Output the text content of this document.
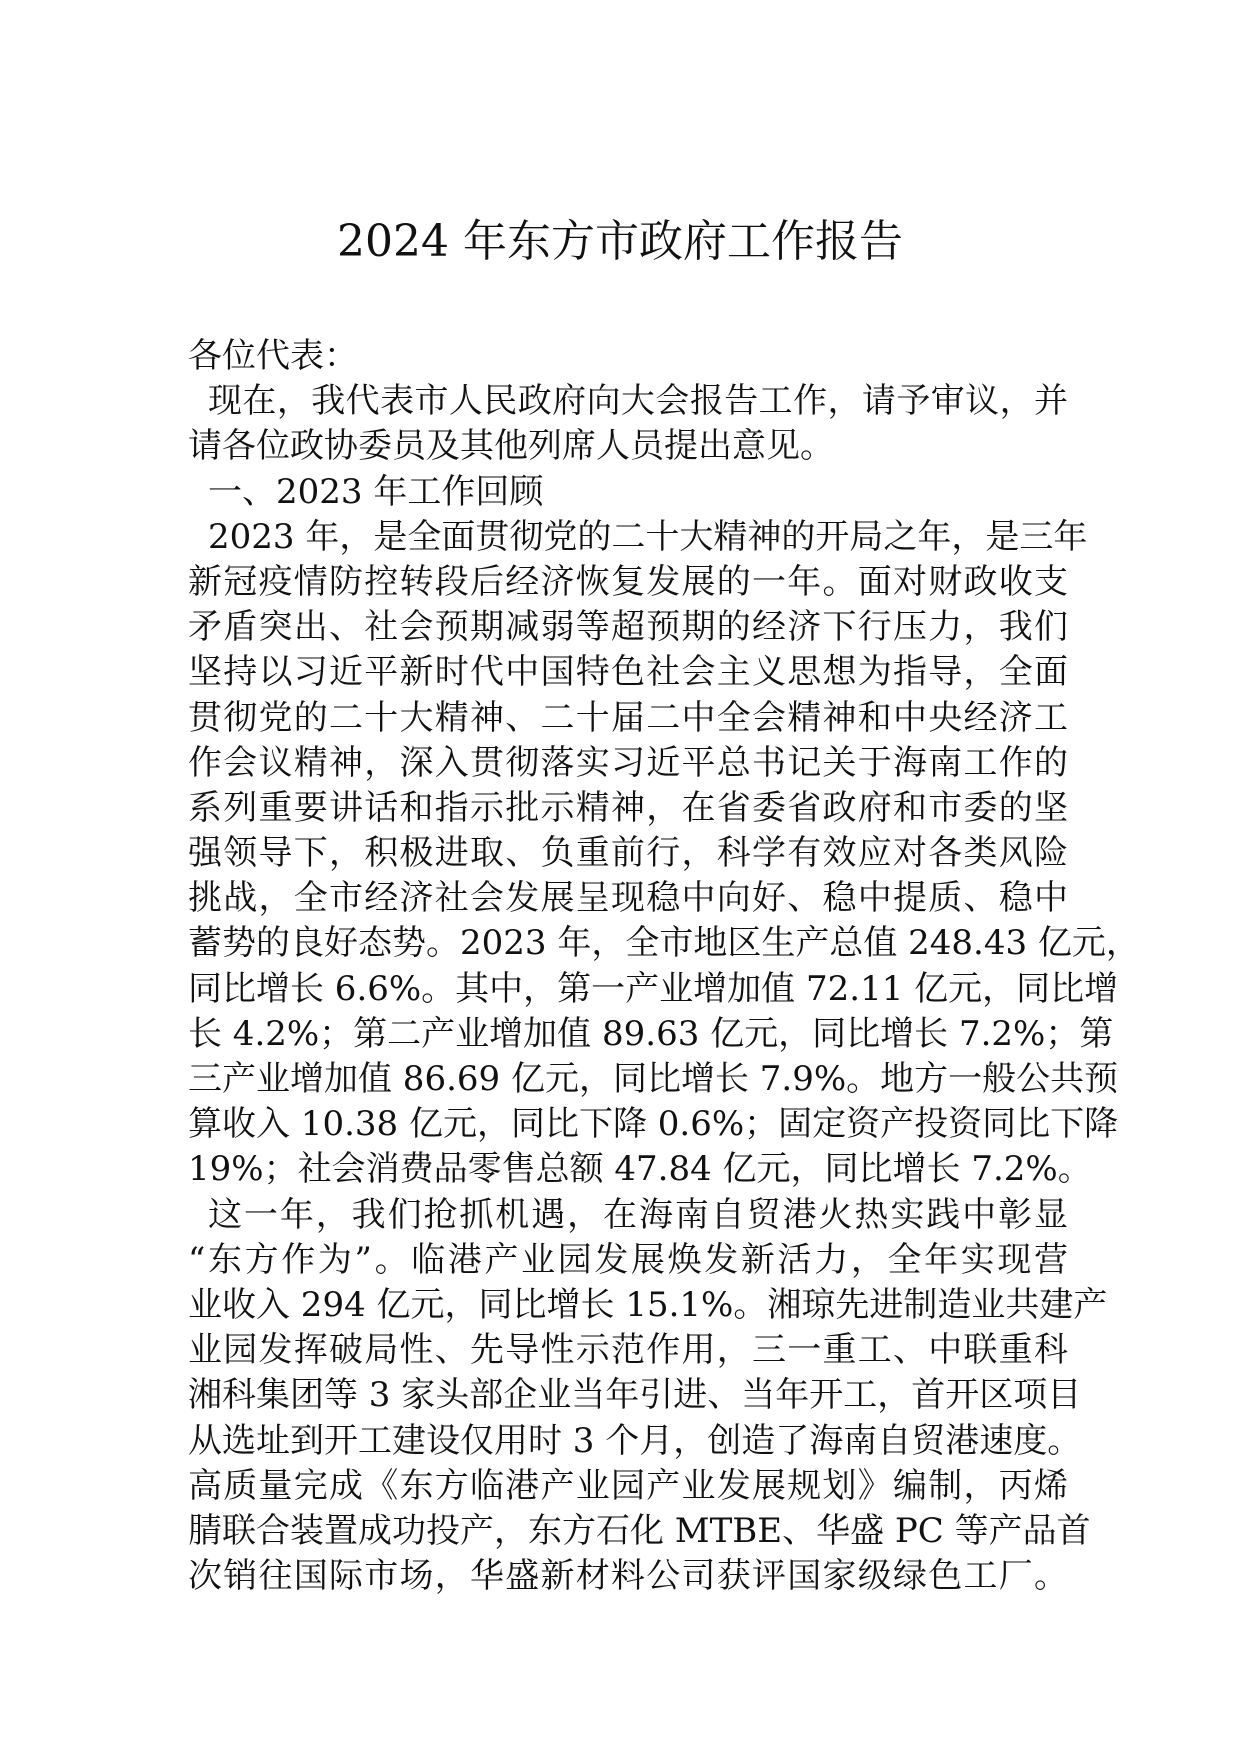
2024 年东方市政府工作报告
各位代表：
现在，我代表市人民政府向大会报告工作，请予审议，并
请各位政协委员及其他列席人员提出意见。
一、2023 年工作回顾
2023 年，是全面贯彻党的二十大精神的开局之年，是三年
新冠疫情防控转段后经济恢复发展的一年。面对财政收支
矛盾突出、社会预期减弱等超预期的经济下行压力，我们
坚持以习近平新时代中国特色社会主义思想为指导，全面
贯彻党的二十大精神、二十届二中全会精神和中央经济工
作会议精神，深入贯彻落实习近平总书记关于海南工作的
系列重要讲话和指示批示精神，在省委省政府和市委的坚
强领导下，积极进取、负重前行，科学有效应对各类风险
挑战，全市经济社会发展呈现稳中向好、稳中提质、稳中
蓄势的良好态势。2023 年，全市地区生产总值 248.43 亿元，
同比增长 6.6%。其中，第一产业增加值 72.11 亿元，同比增
长 4.2%；第二产业增加值 89.63 亿元，同比增长 7.2%；第
三产业增加值 86.69 亿元，同比增长 7.9%。地方一般公共预
算收入 10.38 亿元，同比下降 0.6%；固定资产投资同比下降
19%；社会消费品零售总额 47.84 亿元，同比增长 7.2%。
这一年，我们抢抓机遇，在海南自贸港火热实践中彰显
“东方作为”。临港产业园发展焕发新活力，全年实现营
业收入 294 亿元，同比增长 15.1%。湘琼先进制造业共建产
业园发挥破局性、先导性示范作用，三一重工、中联重科
湘科集团等 3 家头部企业当年引进、当年开工，首开区项目
从选址到开工建设仅用时 3 个月，创造了海南自贸港速度。
高质量完成《东方临港产业园产业发展规划》编制，丙烯
腈联合装置成功投产，东方石化 MTBE、华盛 PC 等产品首
次销往国际市场，华盛新材料公司获评国家级绿色工厂。
